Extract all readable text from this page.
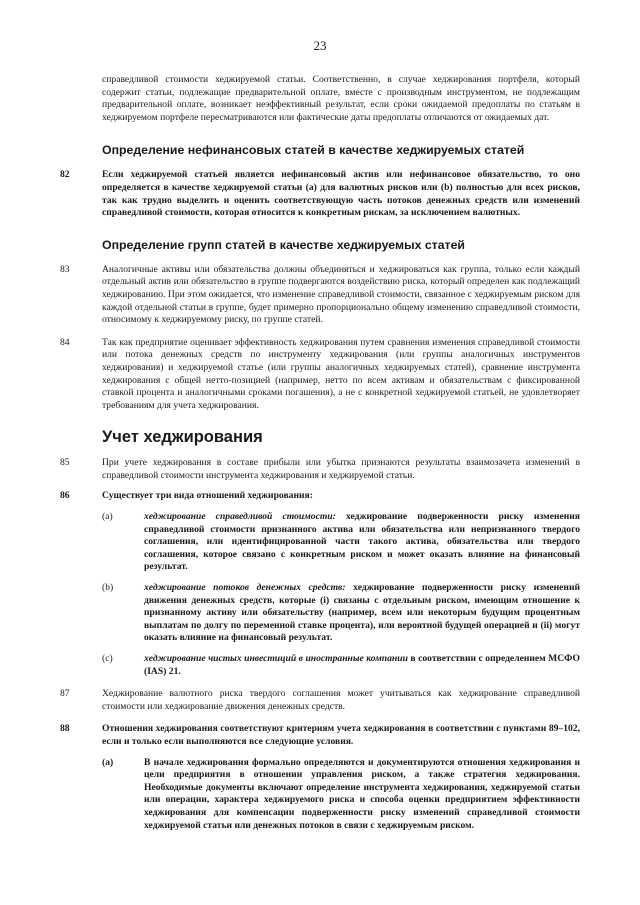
23

справедливой стоимости хеджируемой статьи. Соответственно, в случае хеджирования портфеля, который содержит статьи, подлежащие предварительной оплате, вместе с производным инструментом, не подлежащим предварительной оплате, возникает неэффективный результат, если сроки ожидаемой предоплаты по статьям в хеджируемом портфеле пересматриваются или фактические даты предоплаты отличаются от ожидаемых дат.

Определение нефинансовых статей в качестве хеджируемых статей
82	Если хеджируемой статьей является нефинансовый актив или нефинансовое обязательство, то оно определяется в качестве хеджируемой статьи (а) для валютных рисков или (b) полностью для всех рисков, так как трудно выделить и оценить соответствующую часть потоков денежных средств или изменений справедливой стоимости, которая относится к конкретным рискам, за исключением валютных.

Определение групп статей в качестве хеджируемых статей
83	Аналогичные активы или обязательства должны объединяться и хеджироваться как группа, только если каждый отдельный актив или обязательство в группе подвергаются воздействию риска, который определен как подлежащий хеджированию. При этом ожидается, что изменение справедливой стоимости, связанное с хеджируемым риском для каждой отдельной статьи в группе, будет примерно пропорционально общему изменению справедливой стоимости, относимому к хеджируемому риску, по группе статей.

84	Так как предприятие оценивает эффективность хеджирования путем сравнения изменения справедливой стоимости или потока денежных средств по инструменту хеджирования (или группы аналогичных инструментов хеджирования) и хеджируемой статье (или группы аналогичных хеджируемых статей), сравнение инструмента хеджирования с общей нетто-позицией (например, нетто по всем активам и обязательствам с фиксированной ставкой процента и аналогичными сроками погашения), а не с конкретной хеджируемой статьей, не удовлетворяет требованиям для учета хеджирования.

Учет хеджирования
85	При учете хеджирования в составе прибыли или убытка признаются результаты взаимозачета изменений в справедливой стоимости инструмента хеджирования и хеджируемой статьи.

86	Существует три вида отношений хеджирования:

(a)	хеджирование справедливой стоимости: хеджирование подверженности риску изменения справедливой стоимости признанного актива или обязательства или непризнанного твердого соглашения, или идентифицированной части такого актива, обязательства или твердого соглашения, которое связано с конкретным риском и может оказать влияние на финансовый результат.

(b)	хеджирование потоков денежных средств: хеджирование подверженности риску изменений движения денежных средств, которые (i) связаны с отдельным риском, имеющим отношение к признанному активу или обязательству (например, всем или некоторым будущим процентным выплатам по долгу по переменной ставке процента), или вероятной будущей операцией и (ii) могут оказать влияние на финансовый результат.

(c)	хеджирование чистых инвестиций в иностранные компании в соответствии с определением МСФО (IAS) 21.

87	Хеджирование валютного риска твердого соглашения может учитываться как хеджирование справедливой стоимости или хеджирование движения денежных средств.

88	Отношения хеджирования соответствуют критериям учета хеджирования в соответствии с пунктами 89–102, если и только если выполняются все следующие условия.

(a)	В начале хеджирования формально определяются и документируются отношения хеджирования и цели предприятия в отношении управления риском, а также стратегия хеджирования. Необходимые документы включают определение инструмента хеджирования, хеджируемой статьи или операции, характера хеджируемого риска и способа оценки предприятием эффективности хеджирования для компенсации подверженности риску изменений справедливой стоимости хеджируемой статьи или денежных потоков в связи с хеджируемым риском.
